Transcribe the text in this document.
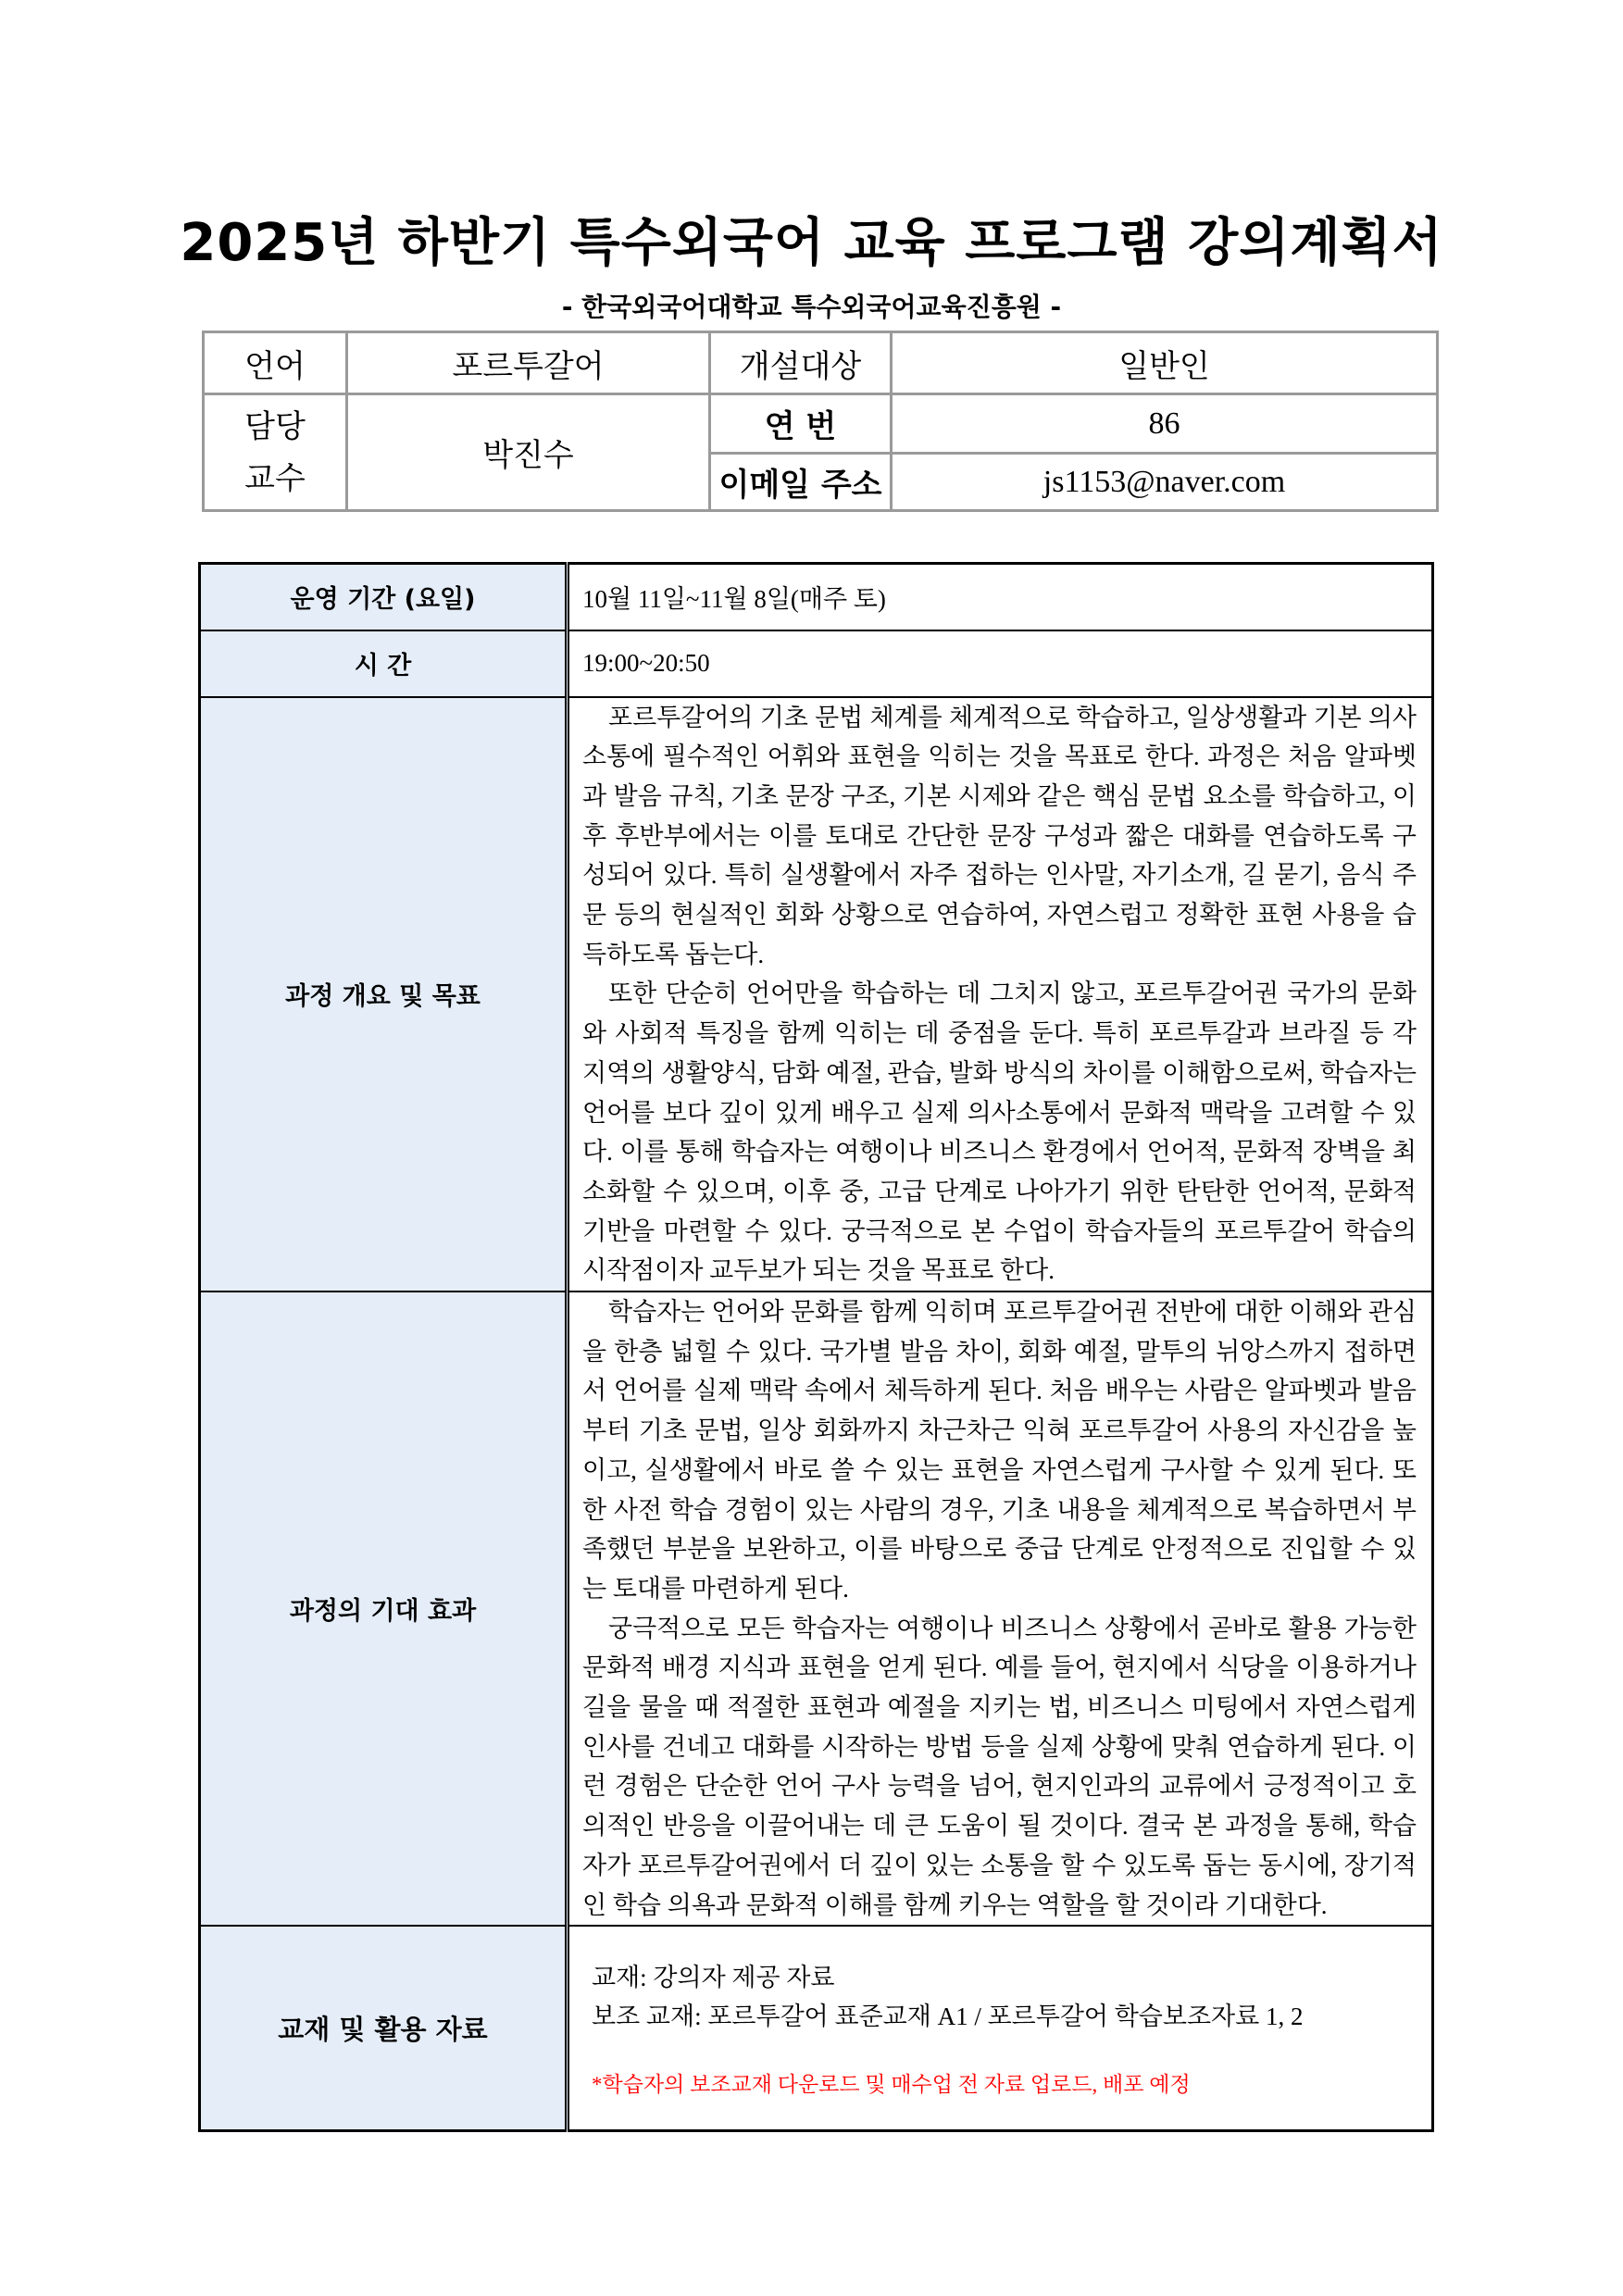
2025년 하반기 특수외국어 교육 프로그램 강의계획서
- 한국외국어대학교 특수외국어교육진흥원 -
언어	포르투갈어	개설대상	일반인

담당
교수	박진수	연 번	86
		이메일 주소	js1153@naver.com
운영 기간 (요일)	10월 11일~11월 8일(매주 토)
시 간	19:00~20:50
과정 개요 및 목표	포르투갈어의 기초 문법 체계를 체계적으로 학습하고, 일상생활과 기본 의사소통에 필수적인 어휘와 표현을 익히는 것을 목표로 한다. 과정은 처음 알파벳과 발음 규칙, 기초 문장 구조, 기본 시제와 같은 핵심 문법 요소를 학습하고, 이후 후반부에서는 이를 토대로 간단한 문장 구성과 짧은 대화를 연습하도록 구성되어 있다. 특히 실생활에서 자주 접하는 인사말, 자기소개, 길 묻기, 음식 주문 등의 현실적인 회화 상황으로 연습하여, 자연스럽고 정확한 표현 사용을 습득하도록 돕는다.

또한 단순히 언어만을 학습하는 데 그치지 않고, 포르투갈어권 국가의 문화와 사회적 특징을 함께 익히는 데 중점을 둔다. 특히 포르투갈과 브라질 등 각 지역의 생활양식, 담화 예절, 관습, 발화 방식의 차이를 이해함으로써, 학습자는 언어를 보다 깊이 있게 배우고 실제 의사소통에서 문화적 맥락을 고려할 수 있다. 이를 통해 학습자는 여행이나 비즈니스 환경에서 언어적, 문화적 장벽을 최소화할 수 있으며, 이후 중, 고급 단계로 나아가기 위한 탄탄한 언어적, 문화적 기반을 마련할 수 있다. 궁극적으로 본 수업이 학습자들의 포르투갈어 학습의 시작점이자 교두보가 되는 것을 목표로 한다.

과정의 기대 효과	학습자는 언어와 문화를 함께 익히며 포르투갈어권 전반에 대한 이해와 관심을 한층 넓힐 수 있다. 국가별 발음 차이, 회화 예절, 말투의 뉘앙스까지 접하면서 언어를 실제 맥락 속에서 체득하게 된다. 처음 배우는 사람은 알파벳과 발음부터 기초 문법, 일상 회화까지 차근차근 익혀 포르투갈어 사용의 자신감을 높이고, 실생활에서 바로 쓸 수 있는 표현을 자연스럽게 구사할 수 있게 된다. 또한 사전 학습 경험이 있는 사람의 경우, 기초 내용을 체계적으로 복습하면서 부족했던 부분을 보완하고, 이를 바탕으로 중급 단계로 안정적으로 진입할 수 있는 토대를 마련하게 된다.

궁극적으로 모든 학습자는 여행이나 비즈니스 상황에서 곧바로 활용 가능한 문화적 배경 지식과 표현을 얻게 된다. 예를 들어, 현지에서 식당을 이용하거나 길을 물을 때 적절한 표현과 예절을 지키는 법, 비즈니스 미팅에서 자연스럽게 인사를 건네고 대화를 시작하는 방법 등을 실제 상황에 맞춰 연습하게 된다. 이런 경험은 단순한 언어 구사 능력을 넘어, 현지인과의 교류에서 긍정적이고 호의적인 반응을 이끌어내는 데 큰 도움이 될 것이다. 결국 본 과정을 통해, 학습자가 포르투갈어권에서 더 깊이 있는 소통을 할 수 있도록 돕는 동시에, 장기적인 학습 의욕과 문화적 이해를 함께 키우는 역할을 할 것이라 기대한다.

교재 및 활용 자료	교재: 강의자 제공 자료
보조 교재: 포르투갈어 표준교재 A1 / 포르투갈어 학습보조자료 1, 2
*학습자의 보조교재 다운로드 및 매수업 전 자료 업로드, 배포 예정
